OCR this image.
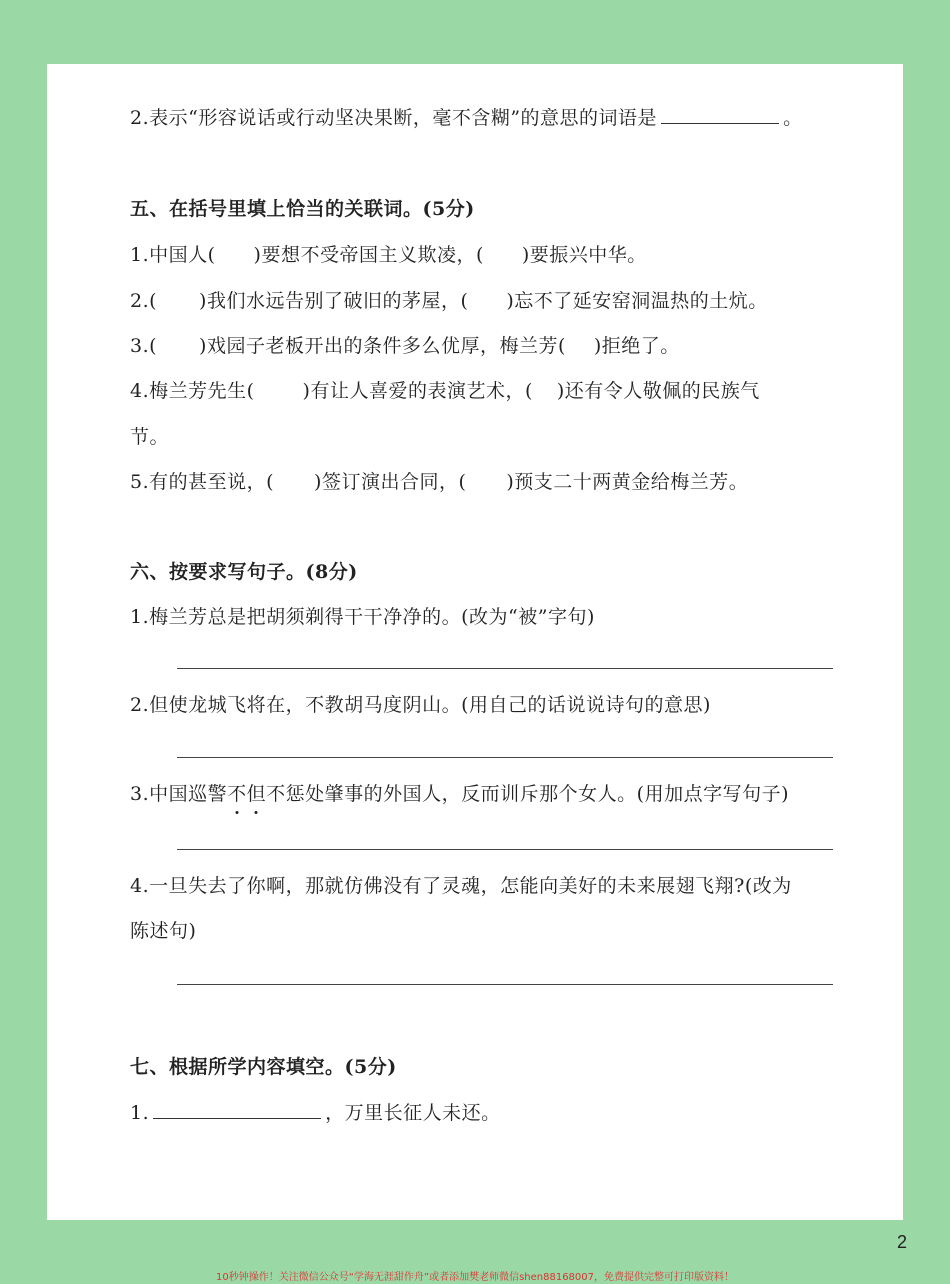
2.表示“形容说话或行动坚决果断，毫不含糊”的意思的词语是	。
五、在括号里填上恰当的关联词。(5分)
1.中国人( )要想不受帝国主义欺凌，( )要振兴中华。
2.( )我们水远告别了破旧的茅屋，( )忘不了延安窑洞温热的土炕。
3.( )戏园子老板开出的条件多么优厚，梅兰芳( )拒绝了。
4.梅兰芳先生(	)有让人喜爱的表演艺术，( )还有令人敬佩的民族气
节。
5.有的甚至说，( )签订演出合同，( )预支二十两黄金给梅兰芳。
六、按要求写句子。(8分)
1.梅兰芳总是把胡须剃得干干净净的。(改为“被”字句)
2.但使龙城飞将在，不教胡马度阴山。(用自己的话说说诗句的意思)
3.中国巡警不但不惩处肇事的外国人，反而训斥那个女人。(用加点字写句子)
4.一旦失去了你啊，那就仿佛没有了灵魂，怎能向美好的未来展翅飞翔?(改为
陈述句)
七、根据所学内容填空。(5分)
1.	，万里长征人未还。
2
10秒钟操作！关注微信公众号“学海无涯甜作舟”或者添加樊老师微信shen88168007，免费提供完整可打印版资料！
